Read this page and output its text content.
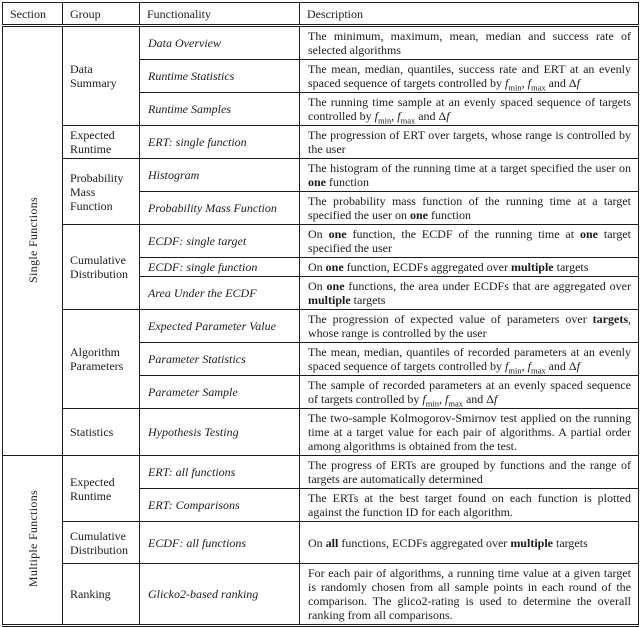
Section	Group	Functionality	Description
Single Functions	Data Summary	Data Overview	The minimum, maximum, mean, median and success rate of selected algorithms
		Runtime Statistics	The mean, median, quantiles, success rate and ERT at an evenly spaced sequence of targets controlled by $f_{min}$, $f_{max}$ and Δf
		Runtime Samples	The running time sample at an evenly spaced sequence of targets controlled by $f_{min}$, $f_{max}$ and Δf
	Expected Runtime	ERT: single function	The progression of ERT over targets, whose range is controlled by the user
	Probability Mass Function	Histogram	The histogram of the running time at a target specified the user on one function
		Probability Mass Function	The probability mass function of the running time at a target specified the user on one function
	Cumulative Distribution	ECDF: single target	On one function, the ECDF of the running time at one target specified the user
		ECDF: single function	On one function, ECDFs aggregated over multiple targets
		Area Under the ECDF	On one functions, the area under ECDFs that are aggregated over multiple targets
	Algorithm Parameters	Expected Parameter Value	The progression of expected value of parameters over targets, whose range is controlled by the user
		Parameter Statistics	The mean, median, quantiles of recorded parameters at an evenly spaced sequence of targets controlled by $f_{min}$, $f_{max}$ and Δf
		Parameter Sample	The sample of recorded parameters at an evenly spaced sequence of targets controlled by $f_{min}$, $f_{max}$ and Δf
	Statistics	Hypothesis Testing	The two-sample Kolmogorov-Smirnov test applied on the running time at a target value for each pair of algorithms. A partial order among algorithms is obtained from the test.
Multiple Functions	Expected Runtime	ERT: all functions	The progress of ERTs are grouped by functions and the range of targets are automatically determined
		ERT: Comparisons	The ERTs at the best target found on each function is plotted against the function ID for each algorithm.
	Cumulative Distribution	ECDF: all functions	On all functions, ECDFs aggregated over multiple targets
	Ranking	Glicko2-based ranking	For each pair of algorithms, a running time value at a given target is randomly chosen from all sample points in each round of the comparison. The glico2-rating is used to determine the overall ranking from all comparisons.
